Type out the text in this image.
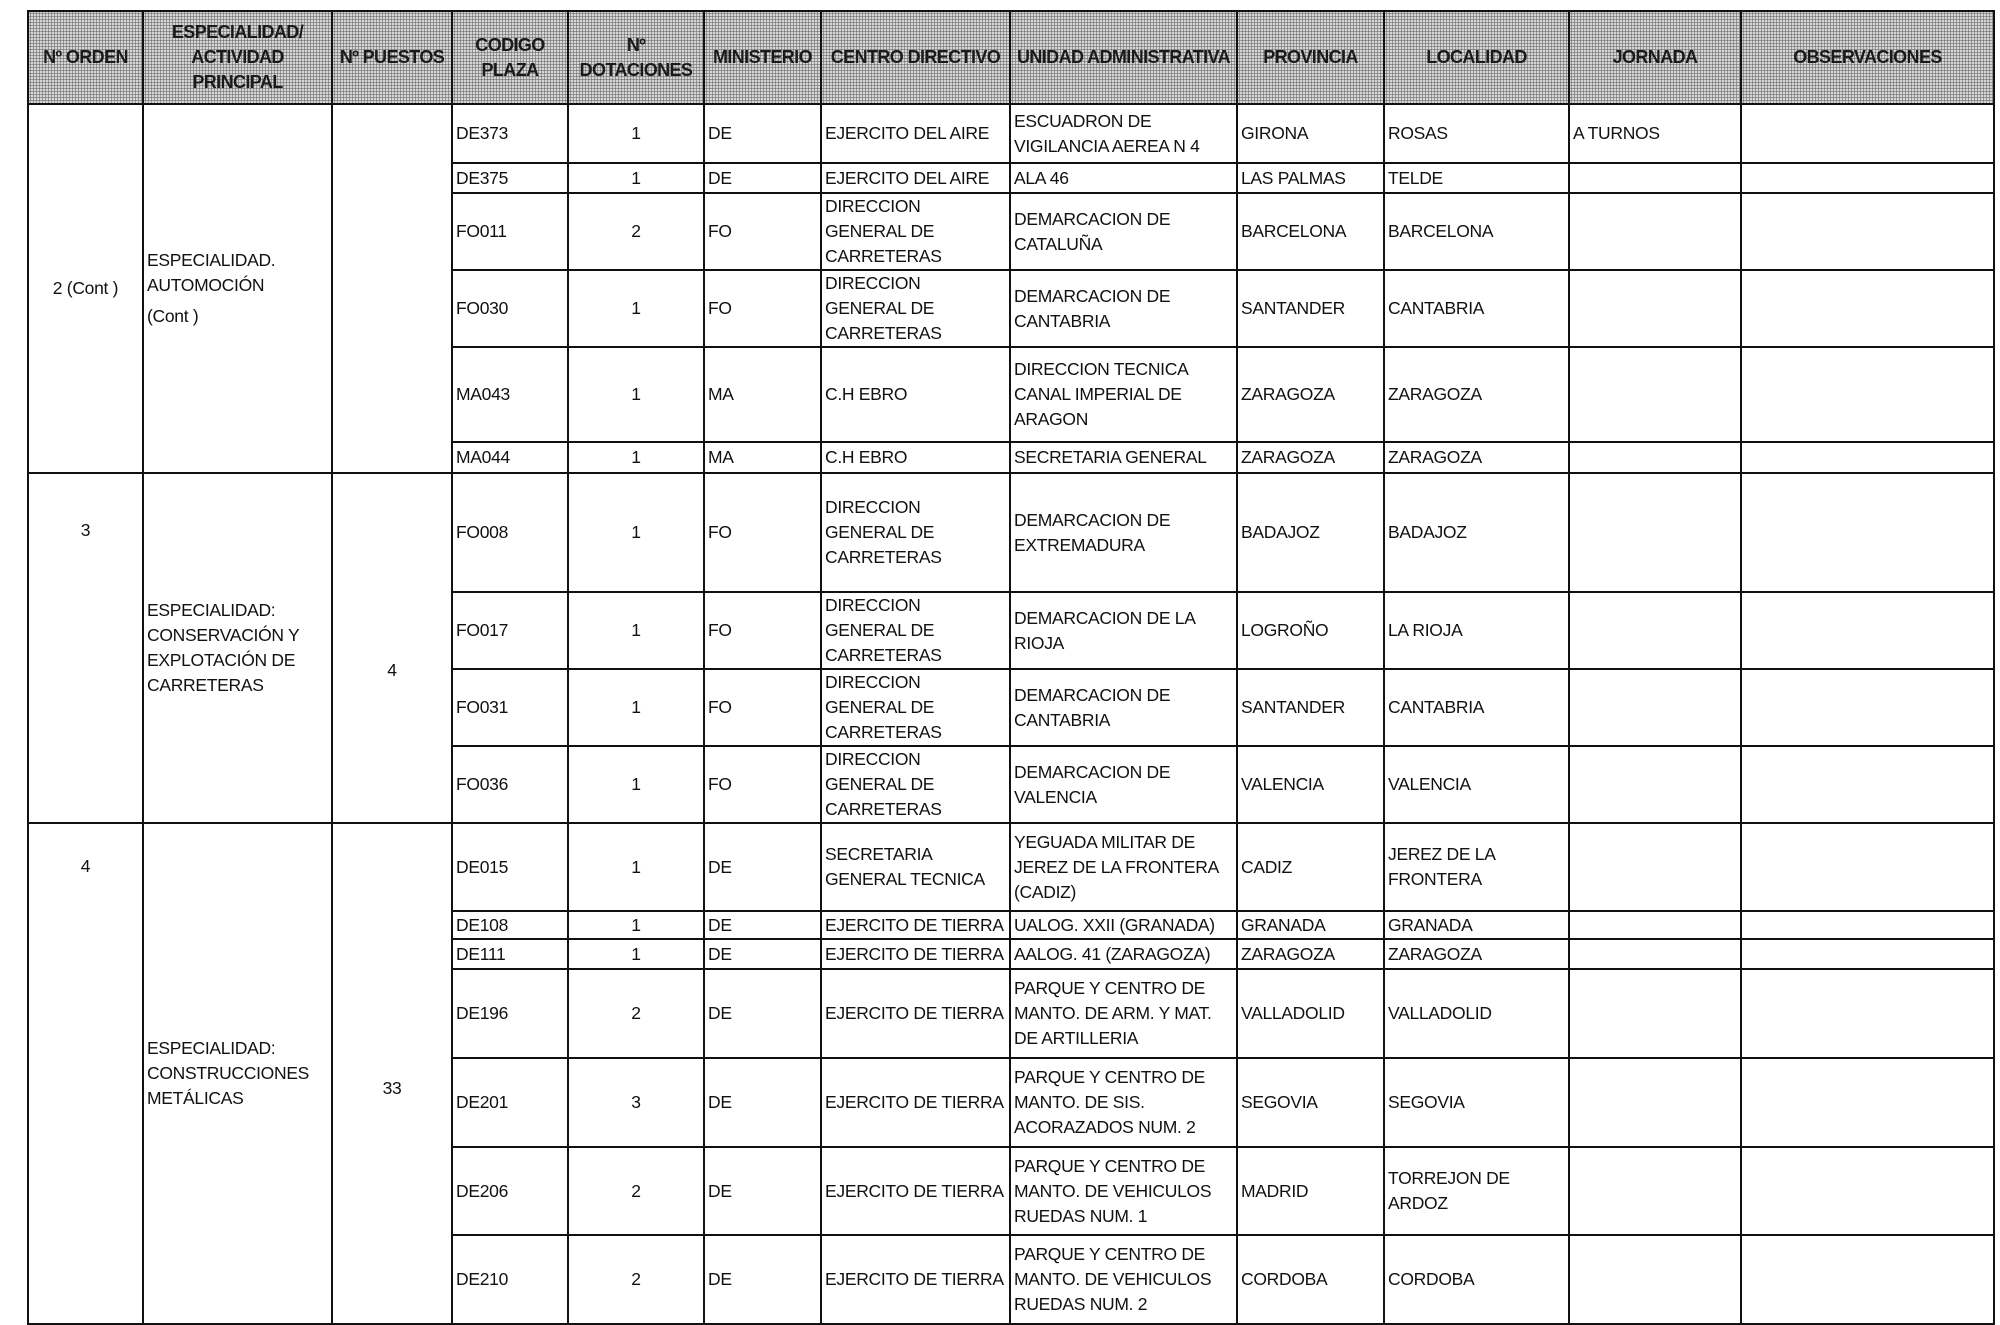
Nº ORDEN	ESPECIALIDAD/ ACTIVIDAD PRINCIPAL	Nº PUESTOS	CODIGO PLAZA	Nº DOTACIONES	MINISTERIO	CENTRO DIRECTIVO	UNIDAD ADMINISTRATIVA	PROVINCIA	LOCALIDAD	JORNADA	OBSERVACIONES
2 (Cont )	ESPECIALIDAD.
AUTOMOCIÓN
(Cont )		DE373	1	DE	EJERCITO DEL AIRE	ESCUADRON DE VIGILANCIA AEREA N 4	GIRONA	ROSAS	A TURNOS	
			DE375	1	DE	EJERCITO DEL AIRE	ALA 46	LAS PALMAS	TELDE		
			FO011	2	FO	DIRECCION GENERAL DE CARRETERAS	DEMARCACION DE CATALUÑA	BARCELONA	BARCELONA		
			FO030	1	FO	DIRECCION GENERAL DE CARRETERAS	DEMARCACION DE CANTABRIA	SANTANDER	CANTABRIA		
			MA043	1	MA	C.H EBRO	DIRECCION TECNICA CANAL IMPERIAL DE ARAGON	ZARAGOZA	ZARAGOZA		
			MA044	1	MA	C.H EBRO	SECRETARIA GENERAL	ZARAGOZA	ZARAGOZA		
3	ESPECIALIDAD:
CONSERVACIÓN Y
EXPLOTACIÓN DE
CARRETERAS	4	FO008	1	FO	DIRECCION GENERAL DE CARRETERAS	DEMARCACION DE EXTREMADURA	BADAJOZ	BADAJOZ		
			FO017	1	FO	DIRECCION GENERAL DE CARRETERAS	DEMARCACION DE LA RIOJA	LOGROÑO	LA RIOJA		
			FO031	1	FO	DIRECCION GENERAL DE CARRETERAS	DEMARCACION DE CANTABRIA	SANTANDER	CANTABRIA		
			FO036	1	FO	DIRECCION GENERAL DE CARRETERAS	DEMARCACION DE VALENCIA	VALENCIA	VALENCIA		
4	ESPECIALIDAD:
CONSTRUCCIONES
METÁLICAS	33	DE015	1	DE	SECRETARIA GENERAL TECNICA	YEGUADA MILITAR DE JEREZ DE LA FRONTERA (CADIZ)	CADIZ	JEREZ DE LA FRONTERA		
			DE108	1	DE	EJERCITO DE TIERRA	UALOG. XXII (GRANADA)	GRANADA	GRANADA		
			DE111	1	DE	EJERCITO DE TIERRA	AALOG. 41 (ZARAGOZA)	ZARAGOZA	ZARAGOZA		
			DE196	2	DE	EJERCITO DE TIERRA	PARQUE Y CENTRO DE MANTO. DE ARM. Y MAT. DE ARTILLERIA	VALLADOLID	VALLADOLID		
			DE201	3	DE	EJERCITO DE TIERRA	PARQUE Y CENTRO DE MANTO. DE SIS. ACORAZADOS NUM. 2	SEGOVIA	SEGOVIA		
			DE206	2	DE	EJERCITO DE TIERRA	PARQUE Y CENTRO DE MANTO. DE VEHICULOS RUEDAS NUM. 1	MADRID	TORREJON DE ARDOZ		
			DE210	2	DE	EJERCITO DE TIERRA	PARQUE Y CENTRO DE MANTO. DE VEHICULOS RUEDAS NUM. 2	CORDOBA	CORDOBA		
